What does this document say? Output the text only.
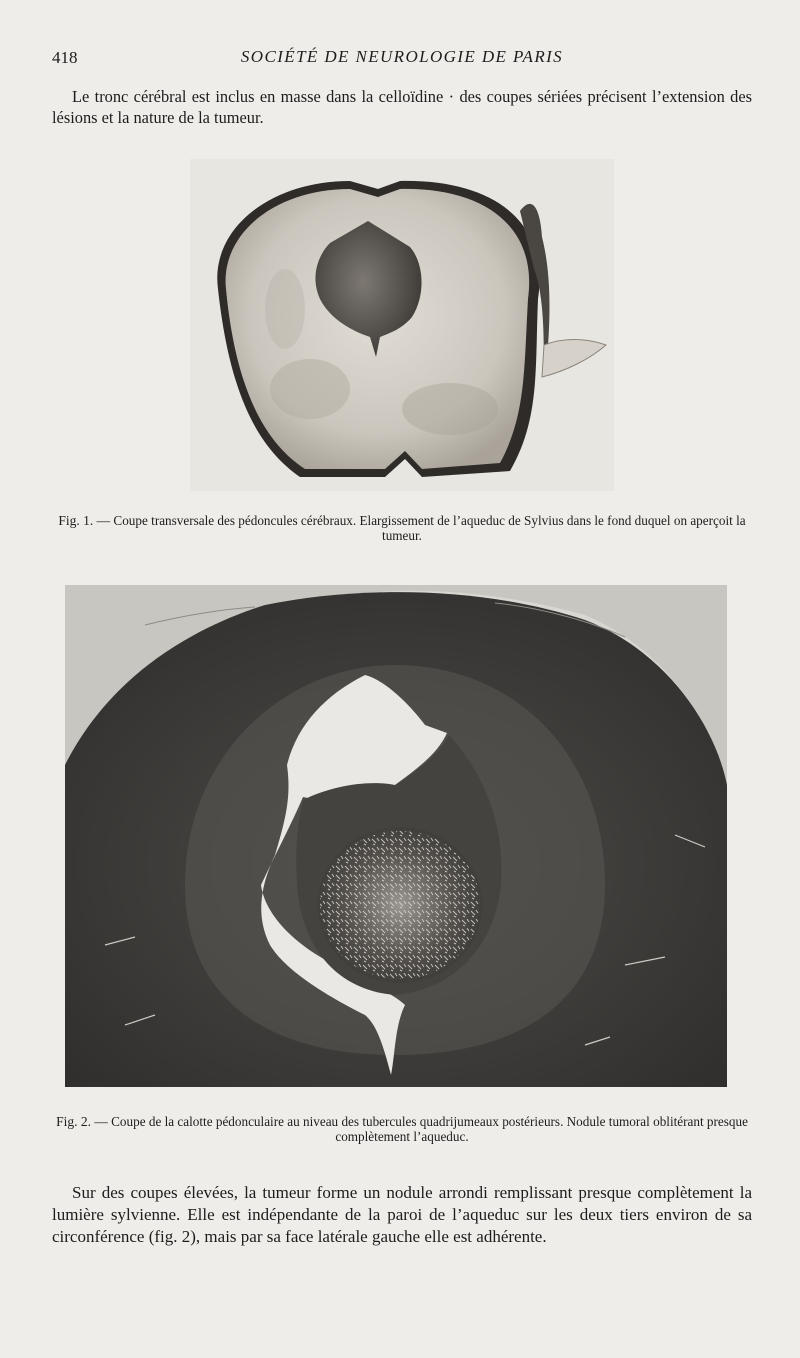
418	SOCIÉTÉ DE NEUROLOGIE DE PARIS

Le tronc cérébral est inclus en masse dans la celloïdine · des coupes sériées précisent l’extension des lésions et la nature de la tumeur.

Fig. 1. — Coupe transversale des pédoncules cérébraux. Elargissement de l’aqueduc de Sylvius dans le fond duquel on aperçoit la tumeur.
Fig. 2. — Coupe de la calotte pédonculaire au niveau des tubercules quadrijumeaux postérieurs. Nodule tumoral oblitérant presque complètement l’aqueduc.

Sur des coupes élevées, la tumeur forme un nodule arrondi remplissant presque complètement la lumière sylvienne. Elle est indépendante de la paroi de l’aqueduc sur les deux tiers environ de sa circonférence (fig. 2), mais par sa face latérale gauche elle est adhérente.
